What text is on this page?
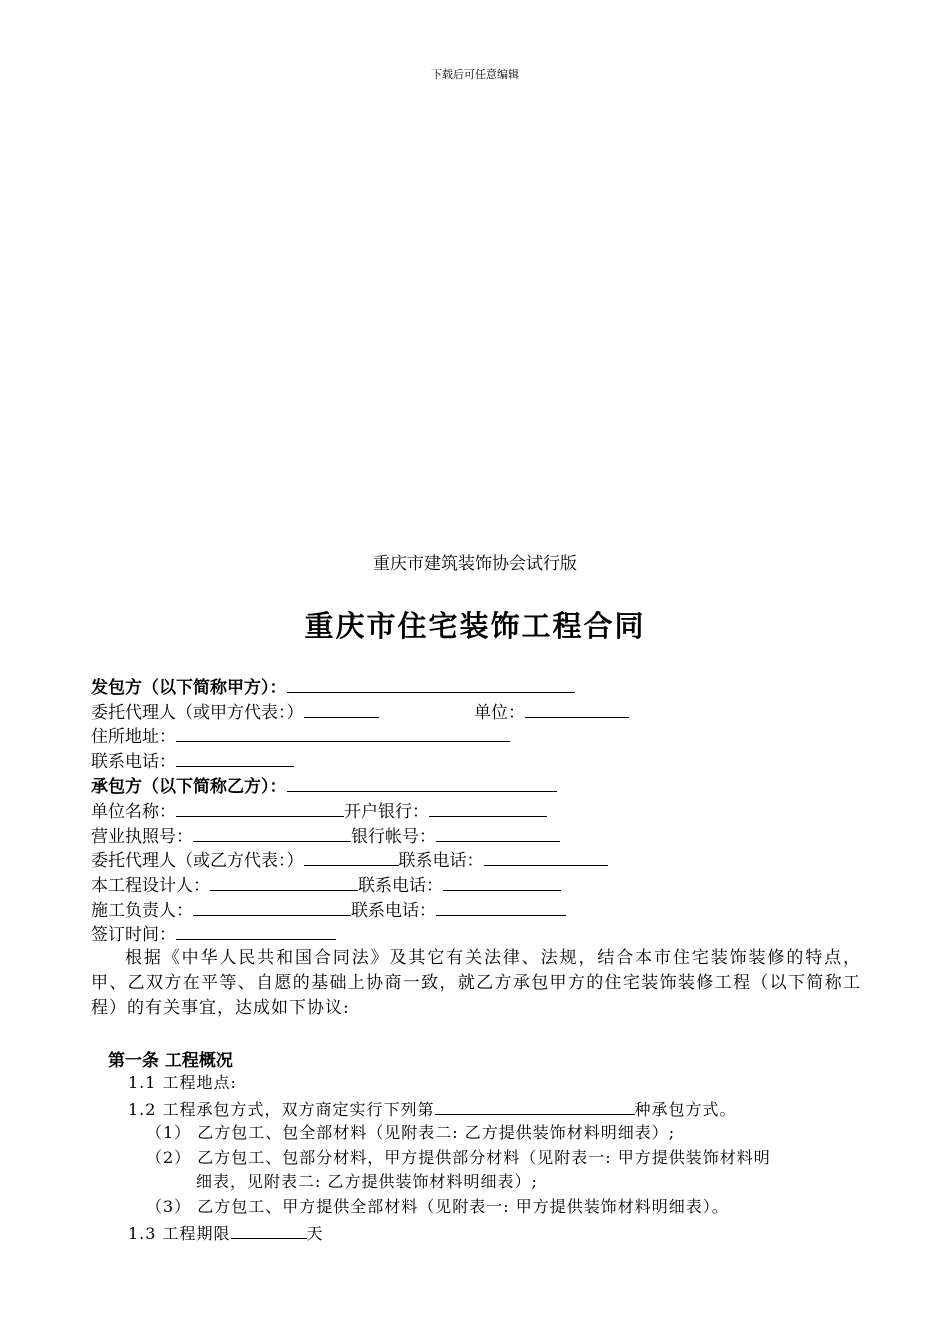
下载后可任意编辑
重庆市建筑装饰协会试行版
重庆市住宅装饰工程合同
发包方（以下简称甲方）：
委托代理人（或甲方代表：）	单位：
住所地址：
联系电话：
承包方（以下简称乙方）：
单位名称：	开户银行：
营业执照号：	银行帐号：
委托代理人（或乙方代表：）	联系电话：
本工程设计人：	联系电话：
施工负责人：	联系电话：
签订时间：
根据《中华人民共和国合同法》及其它有关法律、法规，结合本市住宅装饰装修的特点，甲、乙双方在平等、自愿的基础上协商一致，就乙方承包甲方的住宅装饰装修工程（以下简称工程）的有关事宜，达成如下协议:
第一条 工程概况
1.1 工程地点:
1.2 工程承包方式，双方商定实行下列第	种承包方式。
（1） 乙方包工、包全部材料（见附表二: 乙方提供装饰材料明细表）;
（2） 乙方包工、包部分材料，甲方提供部分材料（见附表一: 甲方提供装饰材料明
细表，见附表二: 乙方提供装饰材料明细表）;
（3） 乙方包工、甲方提供全部材料（见附表一: 甲方提供装饰材料明细表）。
1.3 工程期限	天
